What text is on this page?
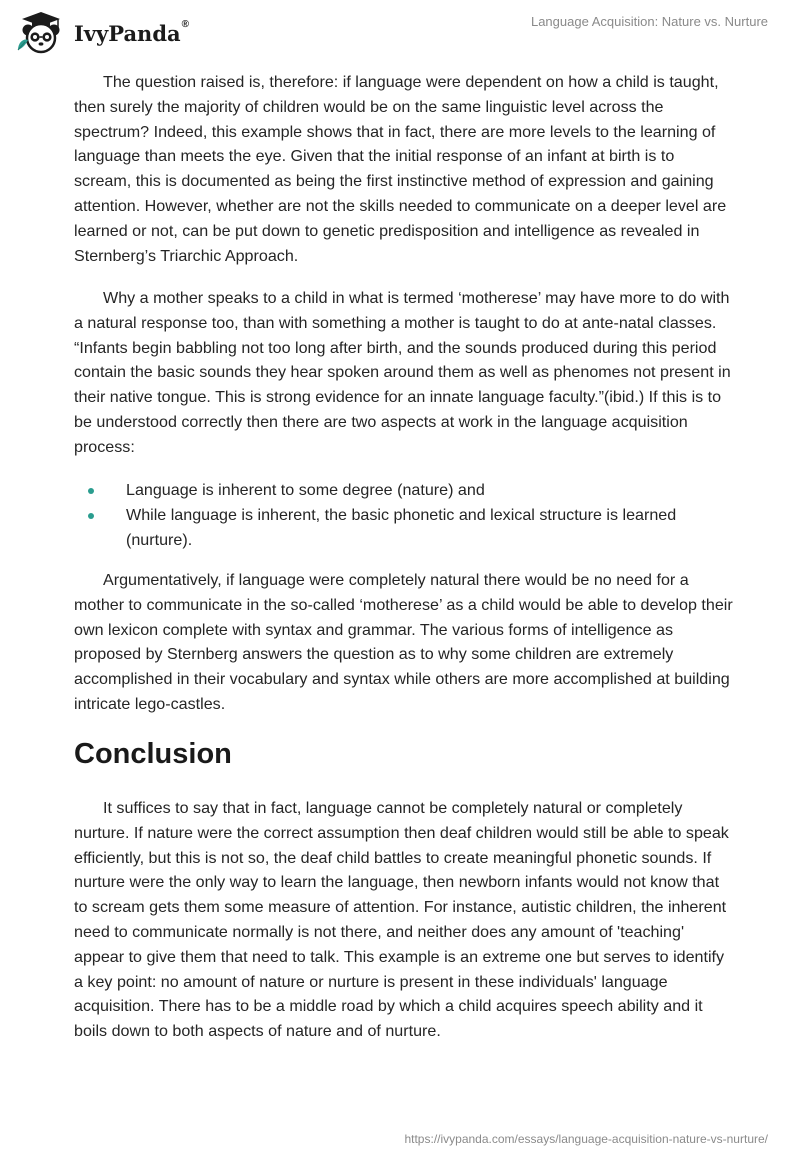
IvyPanda®	Language Acquisition: Nature vs. Nurture

The question raised is, therefore: if language were dependent on how a child is taught, then surely the majority of children would be on the same linguistic level across the spectrum? Indeed, this example shows that in fact, there are more levels to the learning of language than meets the eye. Given that the initial response of an infant at birth is to scream, this is documented as being the first instinctive method of expression and gaining attention. However, whether are not the skills needed to communicate on a deeper level are learned or not, can be put down to genetic predisposition and intelligence as revealed in Sternberg’s Triarchic Approach.

Why a mother speaks to a child in what is termed ‘motherese’ may have more to do with a natural response too, than with something a mother is taught to do at ante-natal classes. “Infants begin babbling not too long after birth, and the sounds produced during this period contain the basic sounds they hear spoken around them as well as phenomes not present in their native tongue. This is strong evidence for an innate language faculty.”(ibid.) If this is to be understood correctly then there are two aspects at work in the language acquisition process:

Language is inherent to some degree (nature) and
While language is inherent, the basic phonetic and lexical structure is learned (nurture).

Argumentatively, if language were completely natural there would be no need for a mother to communicate in the so-called ‘motherese’ as a child would be able to develop their own lexicon complete with syntax and grammar. The various forms of intelligence as proposed by Sternberg answers the question as to why some children are extremely accomplished in their vocabulary and syntax while others are more accomplished at building intricate lego-castles.

Conclusion

It suffices to say that in fact, language cannot be completely natural or completely nurture. If nature were the correct assumption then deaf children would still be able to speak efficiently, but this is not so, the deaf child battles to create meaningful phonetic sounds. If nurture were the only way to learn the language, then newborn infants would not know that to scream gets them some measure of attention. For instance, autistic children, the inherent need to communicate normally is not there, and neither does any amount of 'teaching' appear to give them that need to talk. This example is an extreme one but serves to identify a key point: no amount of nature or nurture is present in these individuals' language acquisition. There has to be a middle road by which a child acquires speech ability and it boils down to both aspects of nature and of nurture.

https://ivypanda.com/essays/language-acquisition-nature-vs-nurture/
